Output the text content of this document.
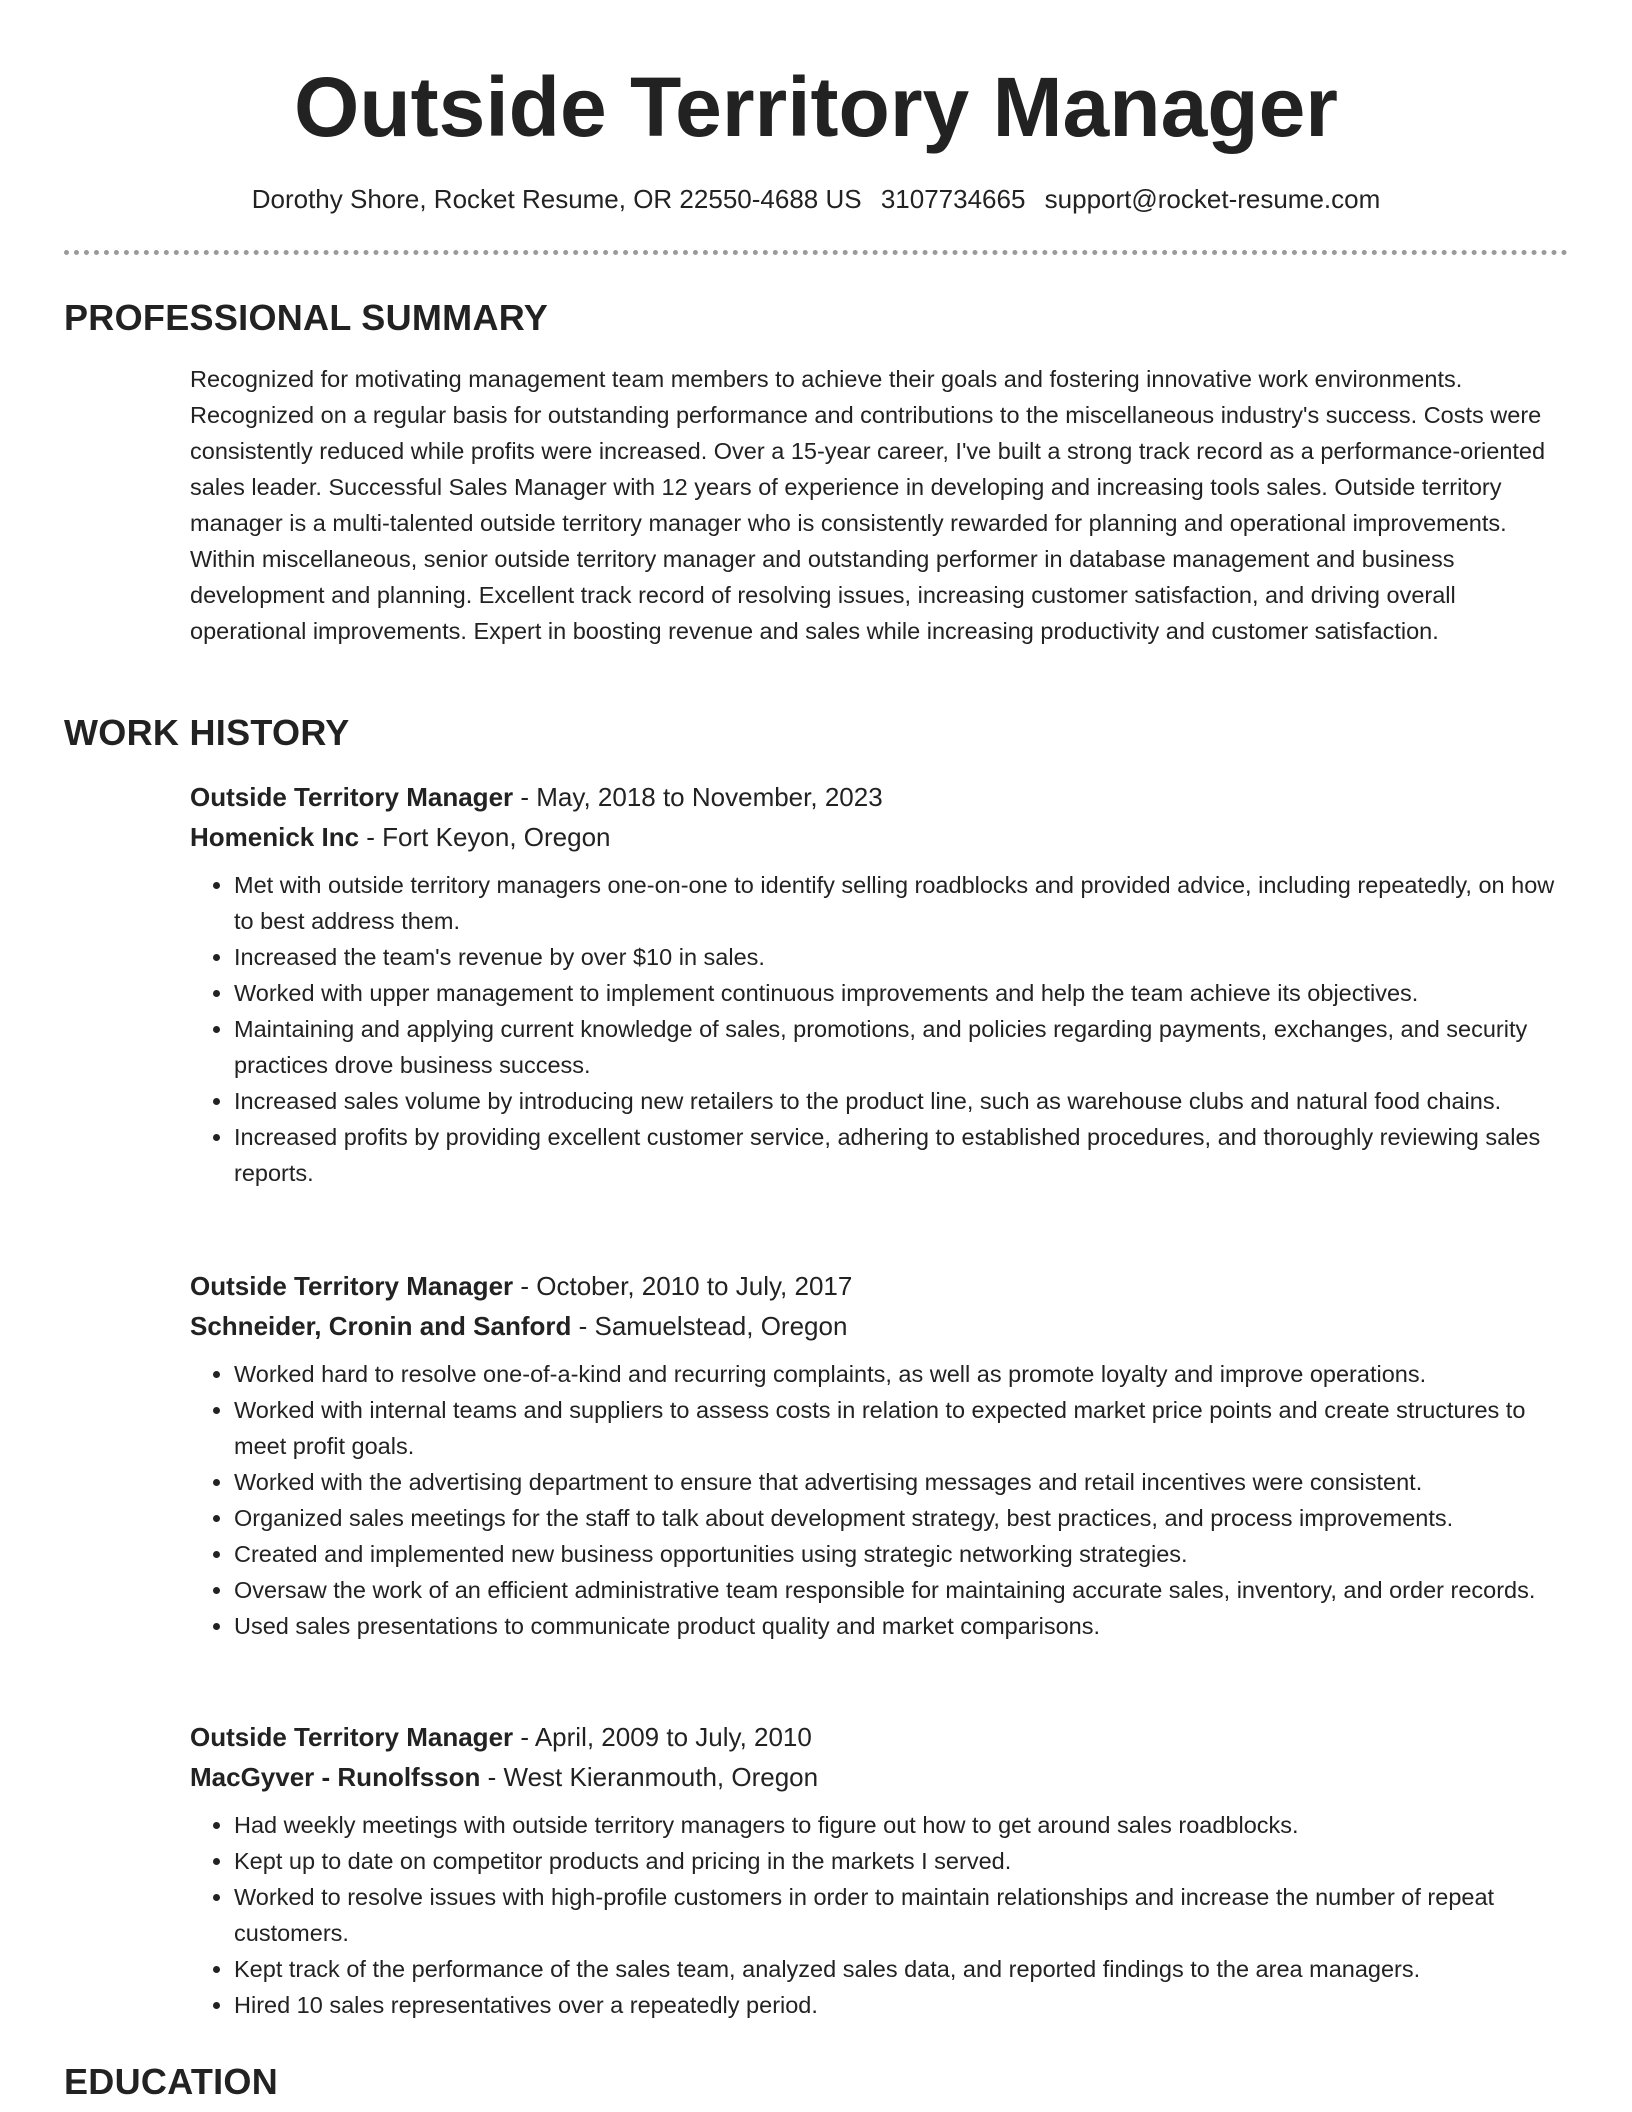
Outside Territory Manager
Dorothy Shore, Rocket Resume, OR 22550-4688 US 3107734665 support@rocket-resume.com
PROFESSIONAL SUMMARY

Recognized for motivating management team members to achieve their goals and fostering innovative work environments. Recognized on a regular basis for outstanding performance and contributions to the miscellaneous industry's success. Costs were consistently reduced while profits were increased. Over a 15-year career, I've built a strong track record as a performance-oriented sales leader. Successful Sales Manager with 12 years of experience in developing and increasing tools sales. Outside territory manager is a multi-talented outside territory manager who is consistently rewarded for planning and operational improvements. Within miscellaneous, senior outside territory manager and outstanding performer in database management and business development and planning. Excellent track record of resolving issues, increasing customer satisfaction, and driving overall operational improvements. Expert in boosting revenue and sales while increasing productivity and customer satisfaction.

WORK HISTORY

Outside Territory Manager - May, 2018 to November, 2023

Homenick Inc - Fort Keyon, Oregon

• Met with outside territory managers one-on-one to identify selling roadblocks and provided advice, including repeatedly, on how to best address them.
• Increased the team's revenue by over $10 in sales.
• Worked with upper management to implement continuous improvements and help the team achieve its objectives.
• Maintaining and applying current knowledge of sales, promotions, and policies regarding payments, exchanges, and security practices drove business success.
• Increased sales volume by introducing new retailers to the product line, such as warehouse clubs and natural food chains.
• Increased profits by providing excellent customer service, adhering to established procedures, and thoroughly reviewing sales reports.

Outside Territory Manager - October, 2010 to July, 2017

Schneider, Cronin and Sanford - Samuelstead, Oregon

• Worked hard to resolve one-of-a-kind and recurring complaints, as well as promote loyalty and improve operations.
• Worked with internal teams and suppliers to assess costs in relation to expected market price points and create structures to meet profit goals.
• Worked with the advertising department to ensure that advertising messages and retail incentives were consistent.
• Organized sales meetings for the staff to talk about development strategy, best practices, and process improvements.
• Created and implemented new business opportunities using strategic networking strategies.
• Oversaw the work of an efficient administrative team responsible for maintaining accurate sales, inventory, and order records.
• Used sales presentations to communicate product quality and market comparisons.

Outside Territory Manager - April, 2009 to July, 2010

MacGyver - Runolfsson - West Kieranmouth, Oregon

• Had weekly meetings with outside territory managers to figure out how to get around sales roadblocks.
• Kept up to date on competitor products and pricing in the markets I served.
• Worked to resolve issues with high-profile customers in order to maintain relationships and increase the number of repeat customers.
• Kept track of the performance of the sales team, analyzed sales data, and reported findings to the area managers.
• Hired 10 sales representatives over a repeatedly period.
EDUCATION
